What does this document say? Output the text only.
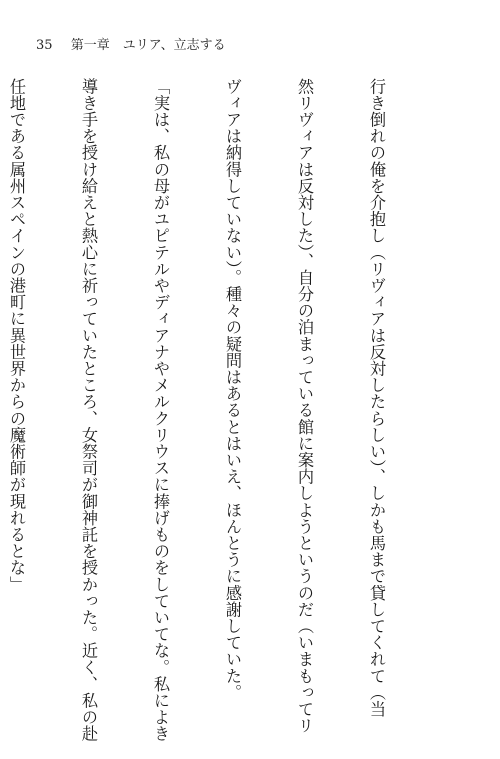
35 第一章　ユリア、立志する

行き倒れの俺を介抱し（リヴィアは反対したらしい）、しかも馬まで貸してくれて（当

然リヴィアは反対した）、自分の泊まっている館に案内しようというのだ（いまもってリ

ヴィアは納得していない）。種々の疑問はあるとはいえ、ほんとうに感謝していた。

「実は、私の母がユピテルやディアナやメルクリウスに捧げものをしていてな。私によき

導き手を授け給えと熱心に祈っていたところ、女祭司が御神託を授かった。近く、私の赴

任地である属州スペインの港町に異世界からの魔術師が現れるとな」
